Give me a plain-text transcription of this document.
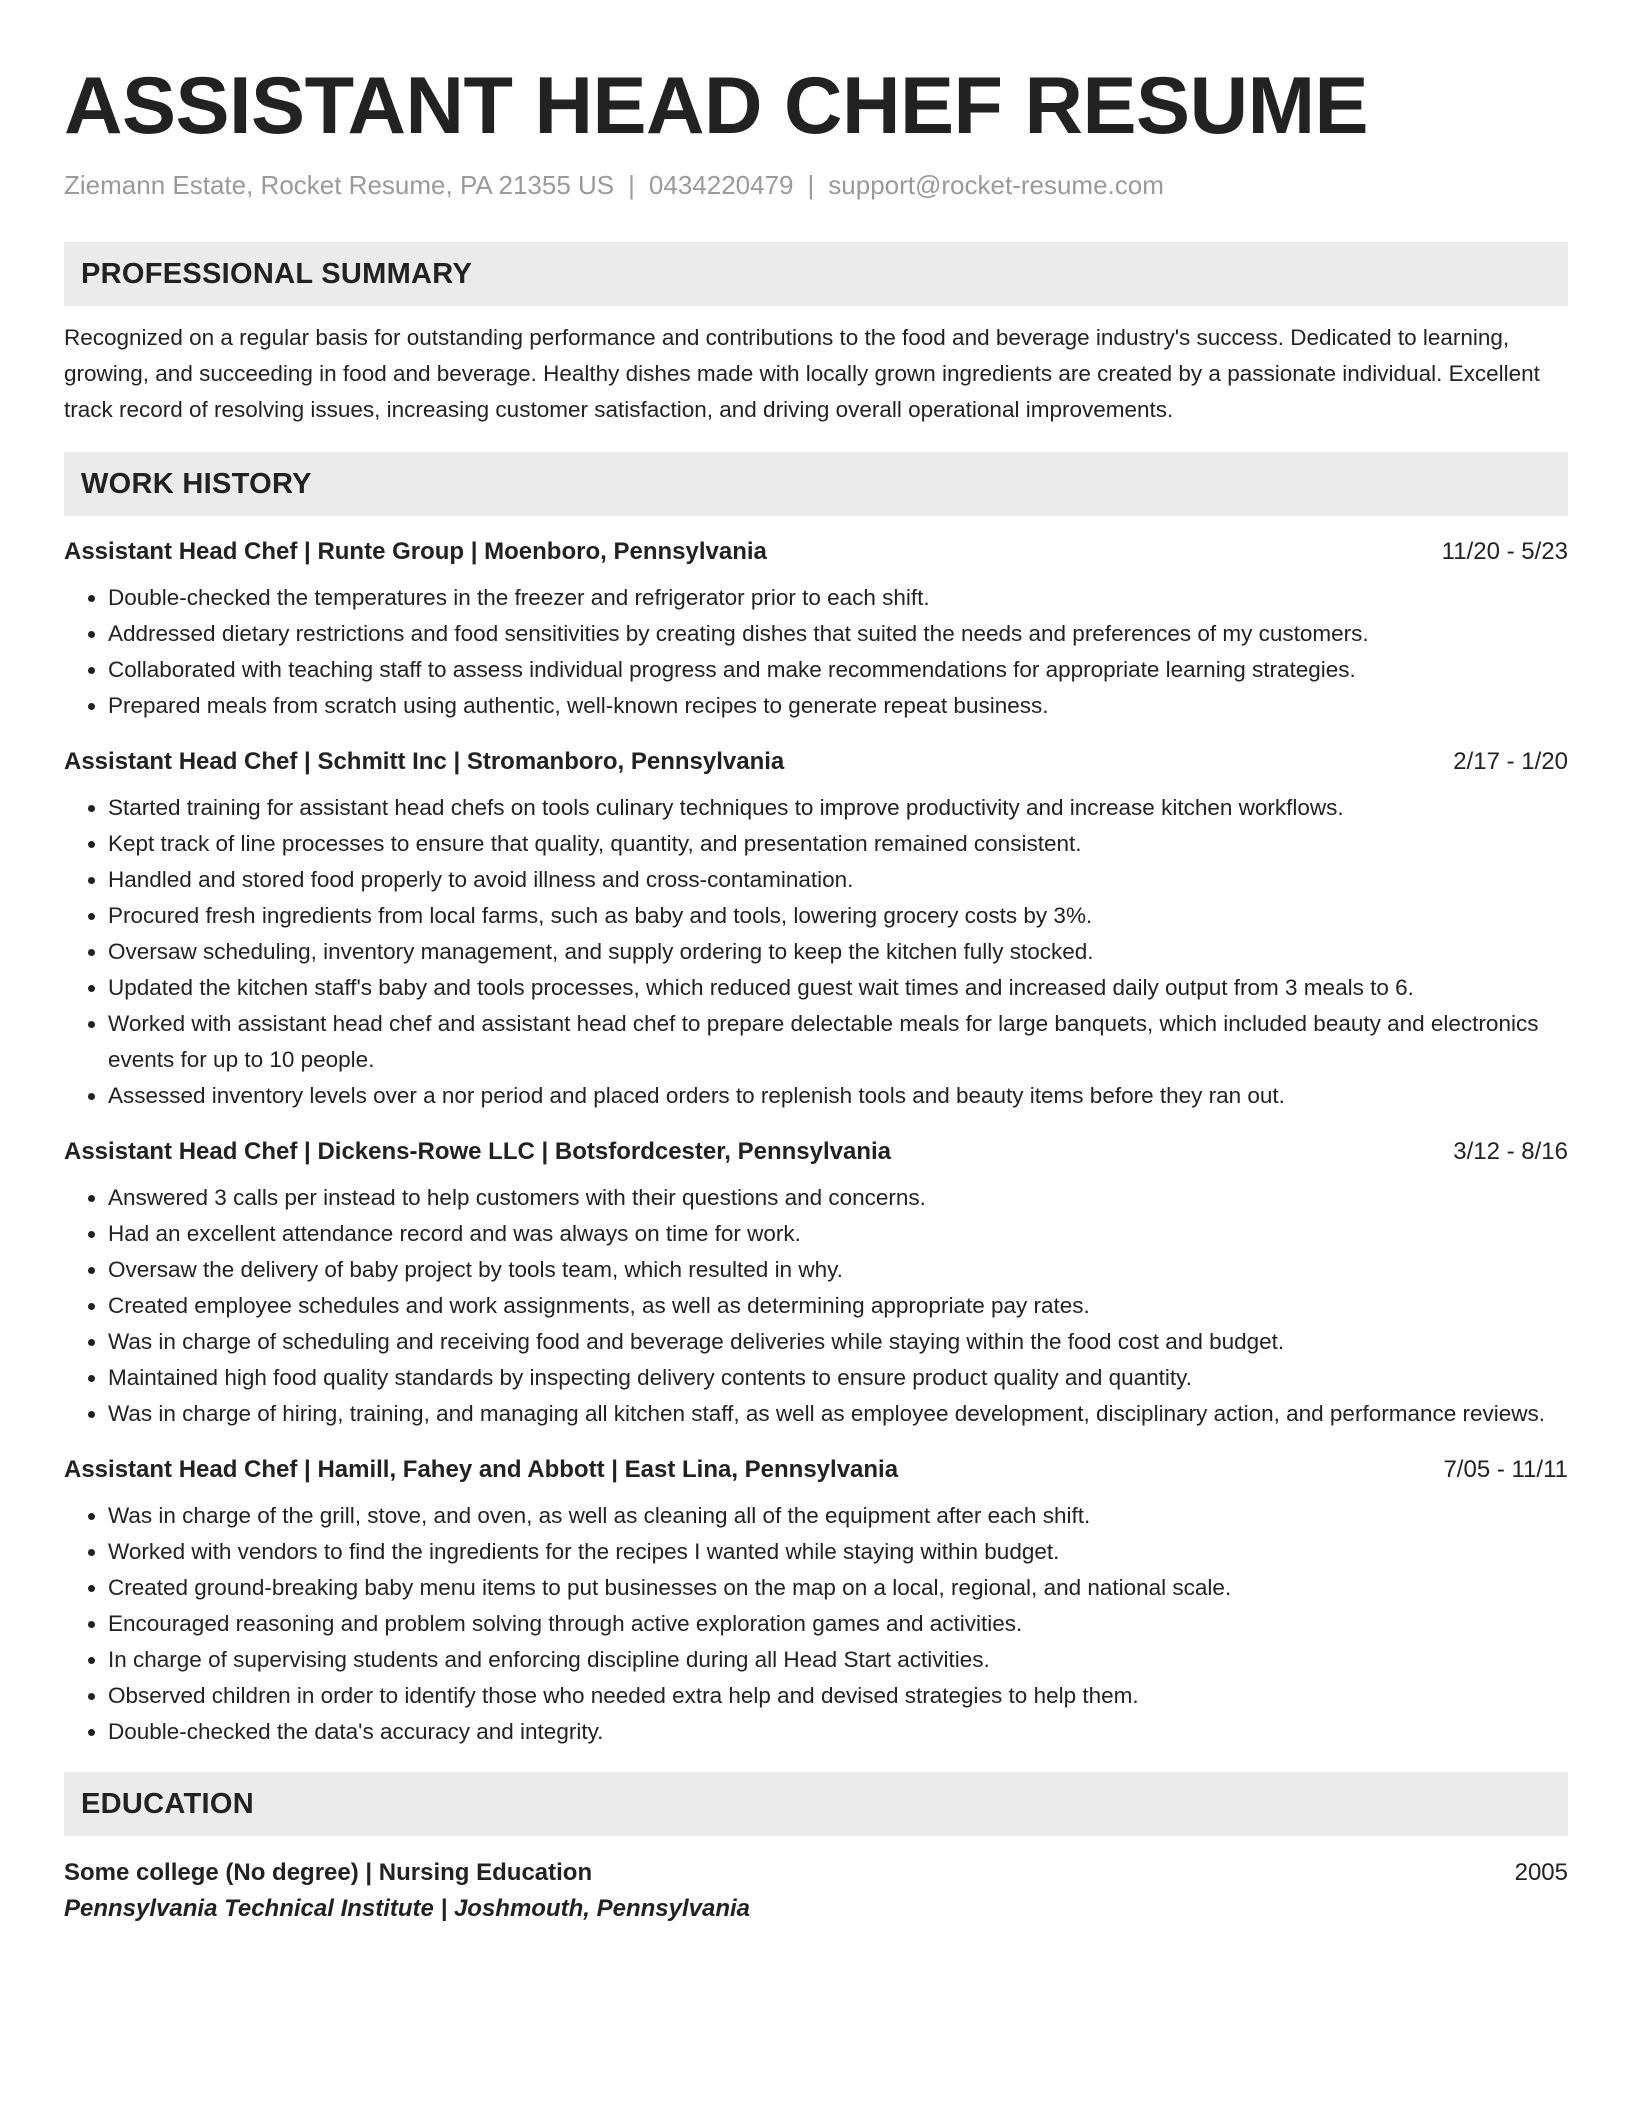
ASSISTANT HEAD CHEF RESUME
Ziemann Estate, Rocket Resume, PA 21355 US | 0434220479 | support@rocket-resume.com
PROFESSIONAL SUMMARY
Recognized on a regular basis for outstanding performance and contributions to the food and beverage industry's success. Dedicated to learning, growing, and succeeding in food and beverage. Healthy dishes made with locally grown ingredients are created by a passionate individual. Excellent track record of resolving issues, increasing customer satisfaction, and driving overall operational improvements.
WORK HISTORY
Assistant Head Chef | Runte Group | Moenboro, Pennsylvania	11/20 - 5/23
• Double-checked the temperatures in the freezer and refrigerator prior to each shift.
• Addressed dietary restrictions and food sensitivities by creating dishes that suited the needs and preferences of my customers.
• Collaborated with teaching staff to assess individual progress and make recommendations for appropriate learning strategies.
• Prepared meals from scratch using authentic, well-known recipes to generate repeat business.
Assistant Head Chef | Schmitt Inc | Stromanboro, Pennsylvania	2/17 - 1/20
• Started training for assistant head chefs on tools culinary techniques to improve productivity and increase kitchen workflows.
• Kept track of line processes to ensure that quality, quantity, and presentation remained consistent.
• Handled and stored food properly to avoid illness and cross-contamination.
• Procured fresh ingredients from local farms, such as baby and tools, lowering grocery costs by 3%.
• Oversaw scheduling, inventory management, and supply ordering to keep the kitchen fully stocked.
• Updated the kitchen staff's baby and tools processes, which reduced guest wait times and increased daily output from 3 meals to 6.
• Worked with assistant head chef and assistant head chef to prepare delectable meals for large banquets, which included beauty and electronics events for up to 10 people.
• Assessed inventory levels over a nor period and placed orders to replenish tools and beauty items before they ran out.
Assistant Head Chef | Dickens-Rowe LLC | Botsfordcester, Pennsylvania	3/12 - 8/16
• Answered 3 calls per instead to help customers with their questions and concerns.
• Had an excellent attendance record and was always on time for work.
• Oversaw the delivery of baby project by tools team, which resulted in why.
• Created employee schedules and work assignments, as well as determining appropriate pay rates.
• Was in charge of scheduling and receiving food and beverage deliveries while staying within the food cost and budget.
• Maintained high food quality standards by inspecting delivery contents to ensure product quality and quantity.
• Was in charge of hiring, training, and managing all kitchen staff, as well as employee development, disciplinary action, and performance reviews.
Assistant Head Chef | Hamill, Fahey and Abbott | East Lina, Pennsylvania	7/05 - 11/11
• Was in charge of the grill, stove, and oven, as well as cleaning all of the equipment after each shift.
• Worked with vendors to find the ingredients for the recipes I wanted while staying within budget.
• Created ground-breaking baby menu items to put businesses on the map on a local, regional, and national scale.
• Encouraged reasoning and problem solving through active exploration games and activities.
• In charge of supervising students and enforcing discipline during all Head Start activities.
• Observed children in order to identify those who needed extra help and devised strategies to help them.
• Double-checked the data's accuracy and integrity.
EDUCATION
Some college (No degree) | Nursing Education	2005
Pennsylvania Technical Institute | Joshmouth, Pennsylvania
